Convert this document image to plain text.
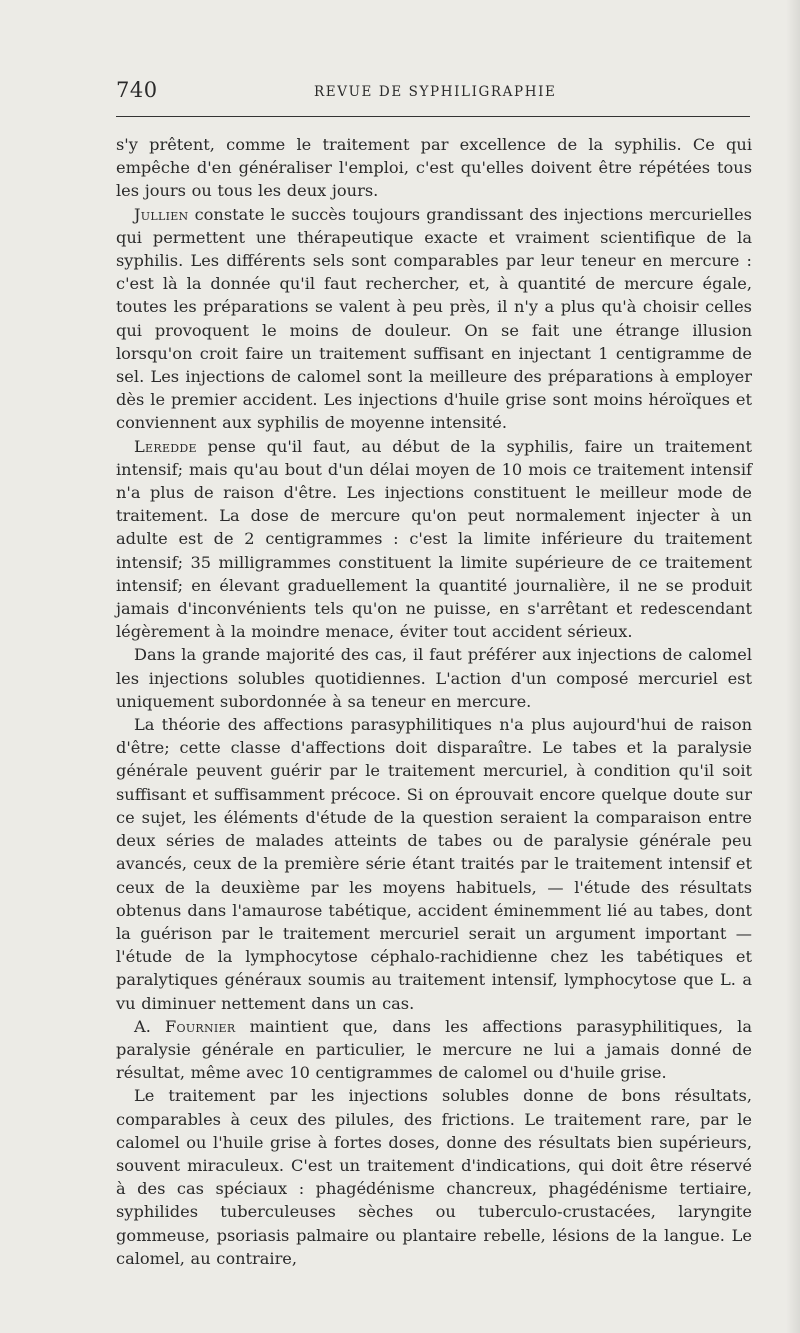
740	REVUE DE SYPHILIGRAPHIE

s'y prêtent, comme le traitement par excellence de la syphilis. Ce qui empêche d'en généraliser l'emploi, c'est qu'elles doivent être répétées tous les jours ou tous les deux jours.

Jullien constate le succès toujours grandissant des injections mercurielles qui permettent une thérapeutique exacte et vraiment scientifique de la syphilis. Les différents sels sont comparables par leur teneur en mercure : c'est là la donnée qu'il faut rechercher, et, à quantité de mercure égale, toutes les préparations se valent à peu près, il n'y a plus qu'à choisir celles qui provoquent le moins de douleur. On se fait une étrange illusion lorsqu'on croit faire un traitement suffisant en injectant 1 centigramme de sel. Les injections de calomel sont la meilleure des préparations à employer dès le premier accident. Les injections d'huile grise sont moins héroïques et conviennent aux syphilis de moyenne intensité.

Leredde pense qu'il faut, au début de la syphilis, faire un traitement intensif; mais qu'au bout d'un délai moyen de 10 mois ce traitement intensif n'a plus de raison d'être. Les injections constituent le meilleur mode de traitement. La dose de mercure qu'on peut normalement injecter à un adulte est de 2 centigrammes : c'est la limite inférieure du traitement intensif; 35 milligrammes constituent la limite supérieure de ce traitement intensif; en élevant graduellement la quantité journalière, il ne se produit jamais d'inconvénients tels qu'on ne puisse, en s'arrêtant et redescendant légèrement à la moindre menace, éviter tout accident sérieux.

Dans la grande majorité des cas, il faut préférer aux injections de calomel les injections solubles quotidiennes. L'action d'un composé mercuriel est uniquement subordonnée à sa teneur en mercure.

La théorie des affections parasyphilitiques n'a plus aujourd'hui de raison d'être; cette classe d'affections doit disparaître. Le tabes et la paralysie générale peuvent guérir par le traitement mercuriel, à condition qu'il soit suffisant et suffisamment précoce. Si on éprouvait encore quelque doute sur ce sujet, les éléments d'étude de la question seraient la comparaison entre deux séries de malades atteints de tabes ou de paralysie générale peu avancés, ceux de la première série étant traités par le traitement intensif et ceux de la deuxième par les moyens habituels, — l'étude des résultats obtenus dans l'amaurose tabétique, accident éminemment lié au tabes, dont la guérison par le traitement mercuriel serait un argument important — l'étude de la lymphocytose céphalo-rachidienne chez les tabétiques et paralytiques généraux soumis au traitement intensif, lymphocytose que L. a vu diminuer nettement dans un cas.

A. Fournier maintient que, dans les affections parasyphilitiques, la paralysie générale en particulier, le mercure ne lui a jamais donné de résultat, même avec 10 centigrammes de calomel ou d'huile grise.

Le traitement par les injections solubles donne de bons résultats, comparables à ceux des pilules, des frictions. Le traitement rare, par le calomel ou l'huile grise à fortes doses, donne des résultats bien supérieurs, souvent miraculeux. C'est un traitement d'indications, qui doit être réservé à des cas spéciaux : phagédénisme chancreux, phagédénisme tertiaire, syphilides tuberculeuses sèches ou tuberculo-crustacées, laryngite gommeuse, psoriasis palmaire ou plantaire rebelle, lésions de la langue. Le calomel, au contraire,
